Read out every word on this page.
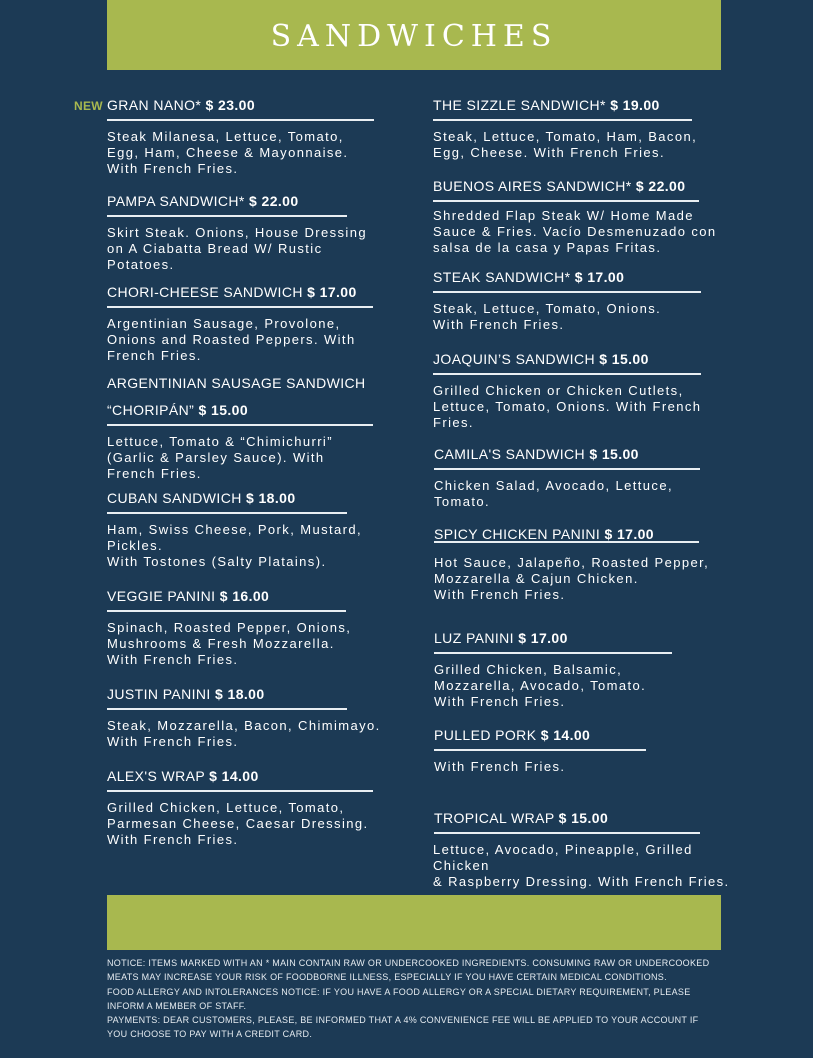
SANDWICHES
NEW GRAN NANO* $ 23.00
Steak Milanesa, Lettuce, Tomato,
Egg, Ham, Cheese & Mayonnaise.
With French Fries.
PAMPA SANDWICH* $ 22.00
Skirt Steak. Onions, House Dressing
on A Ciabatta Bread W/ Rustic
Potatoes.
CHORI-CHEESE SANDWICH $ 17.00
Argentinian Sausage, Provolone,
Onions and Roasted Peppers. With
French Fries.
ARGENTINIAN SAUSAGE SANDWICH
“CHORIPÁN” $ 15.00
Lettuce, Tomato & “Chimichurri”
(Garlic & Parsley Sauce). With
French Fries.
CUBAN SANDWICH $ 18.00
Ham, Swiss Cheese, Pork, Mustard,
Pickles.
With Tostones (Salty Platains).
VEGGIE PANINI $ 16.00
Spinach, Roasted Pepper, Onions,
Mushrooms & Fresh Mozzarella.
With French Fries.
JUSTIN PANINI $ 18.00
Steak, Mozzarella, Bacon, Chimimayo.
With French Fries.
ALEX'S WRAP $ 14.00
Grilled Chicken, Lettuce, Tomato,
Parmesan Cheese, Caesar Dressing.
With French Fries.
THE SIZZLE SANDWICH* $ 19.00
Steak, Lettuce, Tomato, Ham, Bacon,
Egg, Cheese. With French Fries.
BUENOS AIRES SANDWICH* $ 22.00
Shredded Flap Steak W/ Home Made
Sauce & Fries. Vacío Desmenuzado con
salsa de la casa y Papas Fritas.
STEAK SANDWICH* $ 17.00
Steak, Lettuce, Tomato, Onions.
With French Fries.
JOAQUIN’S SANDWICH $ 15.00
Grilled Chicken or Chicken Cutlets,
Lettuce, Tomato, Onions. With French
Fries.
CAMILA'S SANDWICH $ 15.00
Chicken Salad, Avocado, Lettuce, Tomato.
SPICY CHICKEN PANINI $ 17.00
Hot Sauce, Jalapeño, Roasted Pepper,
Mozzarella & Cajun Chicken.
With French Fries.
LUZ PANINI $ 17.00
Grilled Chicken, Balsamic,
Mozzarella, Avocado, Tomato.
With French Fries.
PULLED PORK $ 14.00
With French Fries.
TROPICAL WRAP $ 15.00
Lettuce, Avocado, Pineapple, Grilled
Chicken
& Raspberry Dressing. With French Fries.

NOTICE: ITEMS MARKED WITH AN * MAIN CONTAIN RAW OR UNDERCOOKED INGREDIENTS. CONSUMING RAW OR UNDERCOOKED MEATS MAY INCREASE YOUR RISK OF FOODBORNE ILLNESS, ESPECIALLY IF YOU HAVE CERTAIN MEDICAL CONDITIONS.

FOOD ALLERGY AND INTOLERANCES NOTICE: IF YOU HAVE A FOOD ALLERGY OR A SPECIAL DIETARY REQUIREMENT, PLEASE INFORM A MEMBER OF STAFF.

PAYMENTS: DEAR CUSTOMERS, PLEASE, BE INFORMED THAT A 4% CONVENIENCE FEE WILL BE APPLIED TO YOUR ACCOUNT IF YOU CHOOSE TO PAY WITH A CREDIT CARD.
